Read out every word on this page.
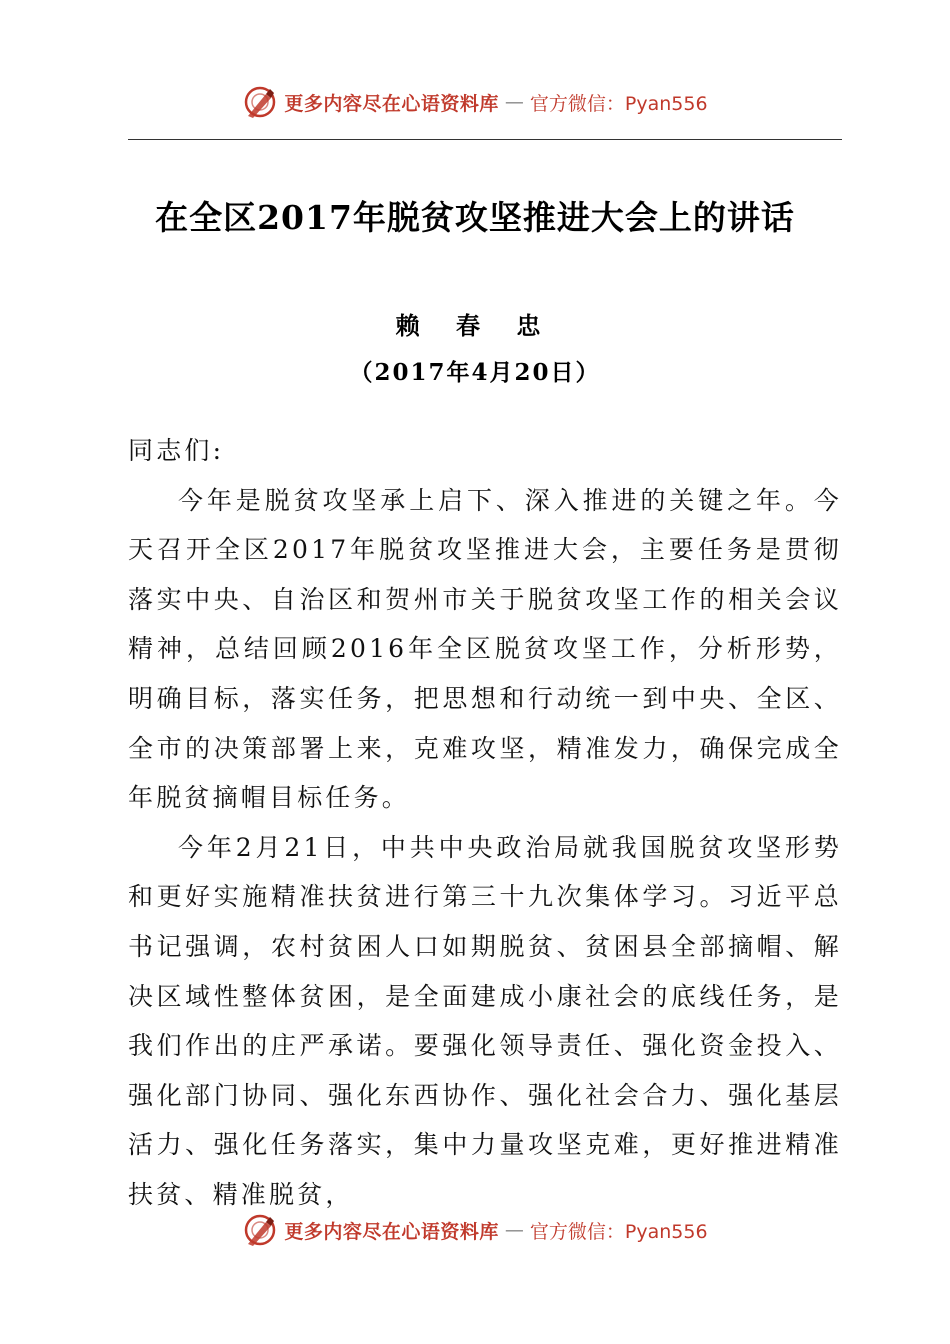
更多内容尽在心语资料库 — 官方微信：Pyan556
在全区2017年脱贫攻坚推进大会上的讲话
赖 春 忠
（2017年4月20日）

同志们:

今年是脱贫攻坚承上启下、深入推进的关键之年。今天召开全区2017年脱贫攻坚推进大会，主要任务是贯彻落实中央、自治区和贺州市关于脱贫攻坚工作的相关会议精神，总结回顾2016年全区脱贫攻坚工作，分析形势，明确目标，落实任务，把思想和行动统一到中央、全区、全市的决策部署上来，克难攻坚，精准发力，确保完成全年脱贫摘帽目标任务。

今年2月21日，中共中央政治局就我国脱贫攻坚形势和更好实施精准扶贫进行第三十九次集体学习。习近平总书记强调，农村贫困人口如期脱贫、贫困县全部摘帽、解决区域性整体贫困，是全面建成小康社会的底线任务，是我们作出的庄严承诺。要强化领导责任、强化资金投入、强化部门协同、强化东西协作、强化社会合力、强化基层活力、强化任务落实，集中力量攻坚克难，更好推进精准扶贫、精准脱贫，

更多内容尽在心语资料库 — 官方微信：Pyan556
